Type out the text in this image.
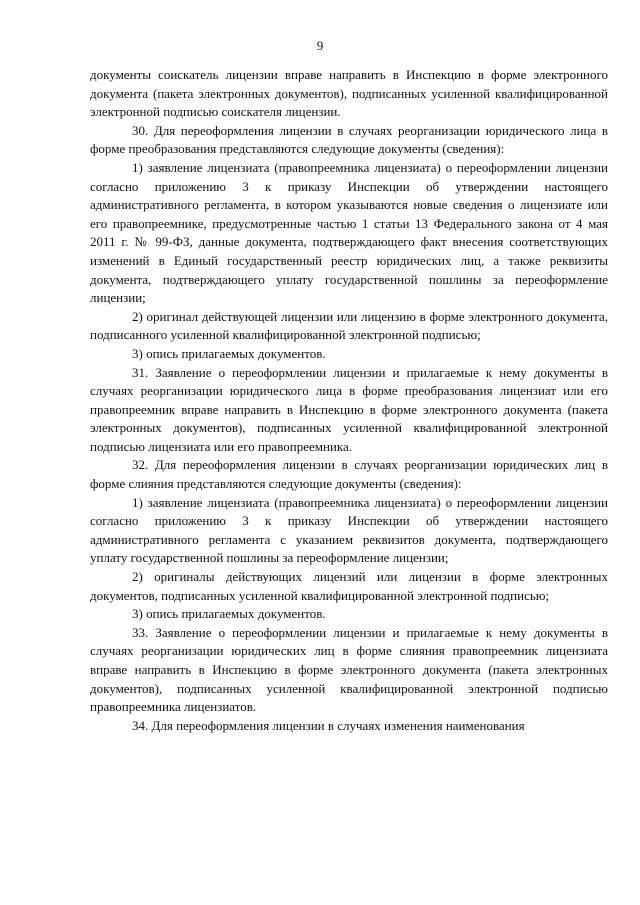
9

документы соискатель лицензии вправе направить в Инспекцию в форме электронного документа (пакета электронных документов), подписанных усиленной квалифицированной электронной подписью соискателя лицензии.

30. Для переоформления лицензии в случаях реорганизации юридического лица в форме преобразования представляются следующие документы (сведения):

1) заявление лицензиата (правопреемника лицензиата) о переоформлении лицензии согласно приложению 3 к приказу Инспекции об утверждении настоящего административного регламента, в котором указываются новые сведения о лицензиате или его правопреемнике, предусмотренные частью 1 статьи 13 Федерального закона от 4 мая 2011 г. № 99-ФЗ, данные документа, подтверждающего факт внесения соответствующих изменений в Единый государственный реестр юридических лиц, а также реквизиты документа, подтверждающего уплату государственной пошлины за переоформление лицензии;

2) оригинал действующей лицензии или лицензию в форме электронного документа, подписанного усиленной квалифицированной электронной подписью;

3) опись прилагаемых документов.

31. Заявление о переоформлении лицензии и прилагаемые к нему документы в случаях реорганизации юридического лица в форме преобразования лицензиат или его правопреемник вправе направить в Инспекцию в форме электронного документа (пакета электронных документов), подписанных усиленной квалифицированной электронной подписью лицензиата или его правопреемника.

32. Для переоформления лицензии в случаях реорганизации юридических лиц в форме слияния представляются следующие документы (сведения):

1) заявление лицензиата (правопреемника лицензиата) о переоформлении лицензии согласно приложению 3 к приказу Инспекции об утверждении настоящего административного регламента с указанием реквизитов документа, подтверждающего уплату государственной пошлины за переоформление лицензии;

2) оригиналы действующих лицензий или лицензии в форме электронных документов, подписанных усиленной квалифицированной электронной подписью;

3) опись прилагаемых документов.

33. Заявление о переоформлении лицензии и прилагаемые к нему документы в случаях реорганизации юридических лиц в форме слияния правопреемник лицензиата вправе направить в Инспекцию в форме электронного документа (пакета электронных документов), подписанных усиленной квалифицированной электронной подписью правопреемника лицензиатов.

34. Для переоформления лицензии в случаях изменения наименования
